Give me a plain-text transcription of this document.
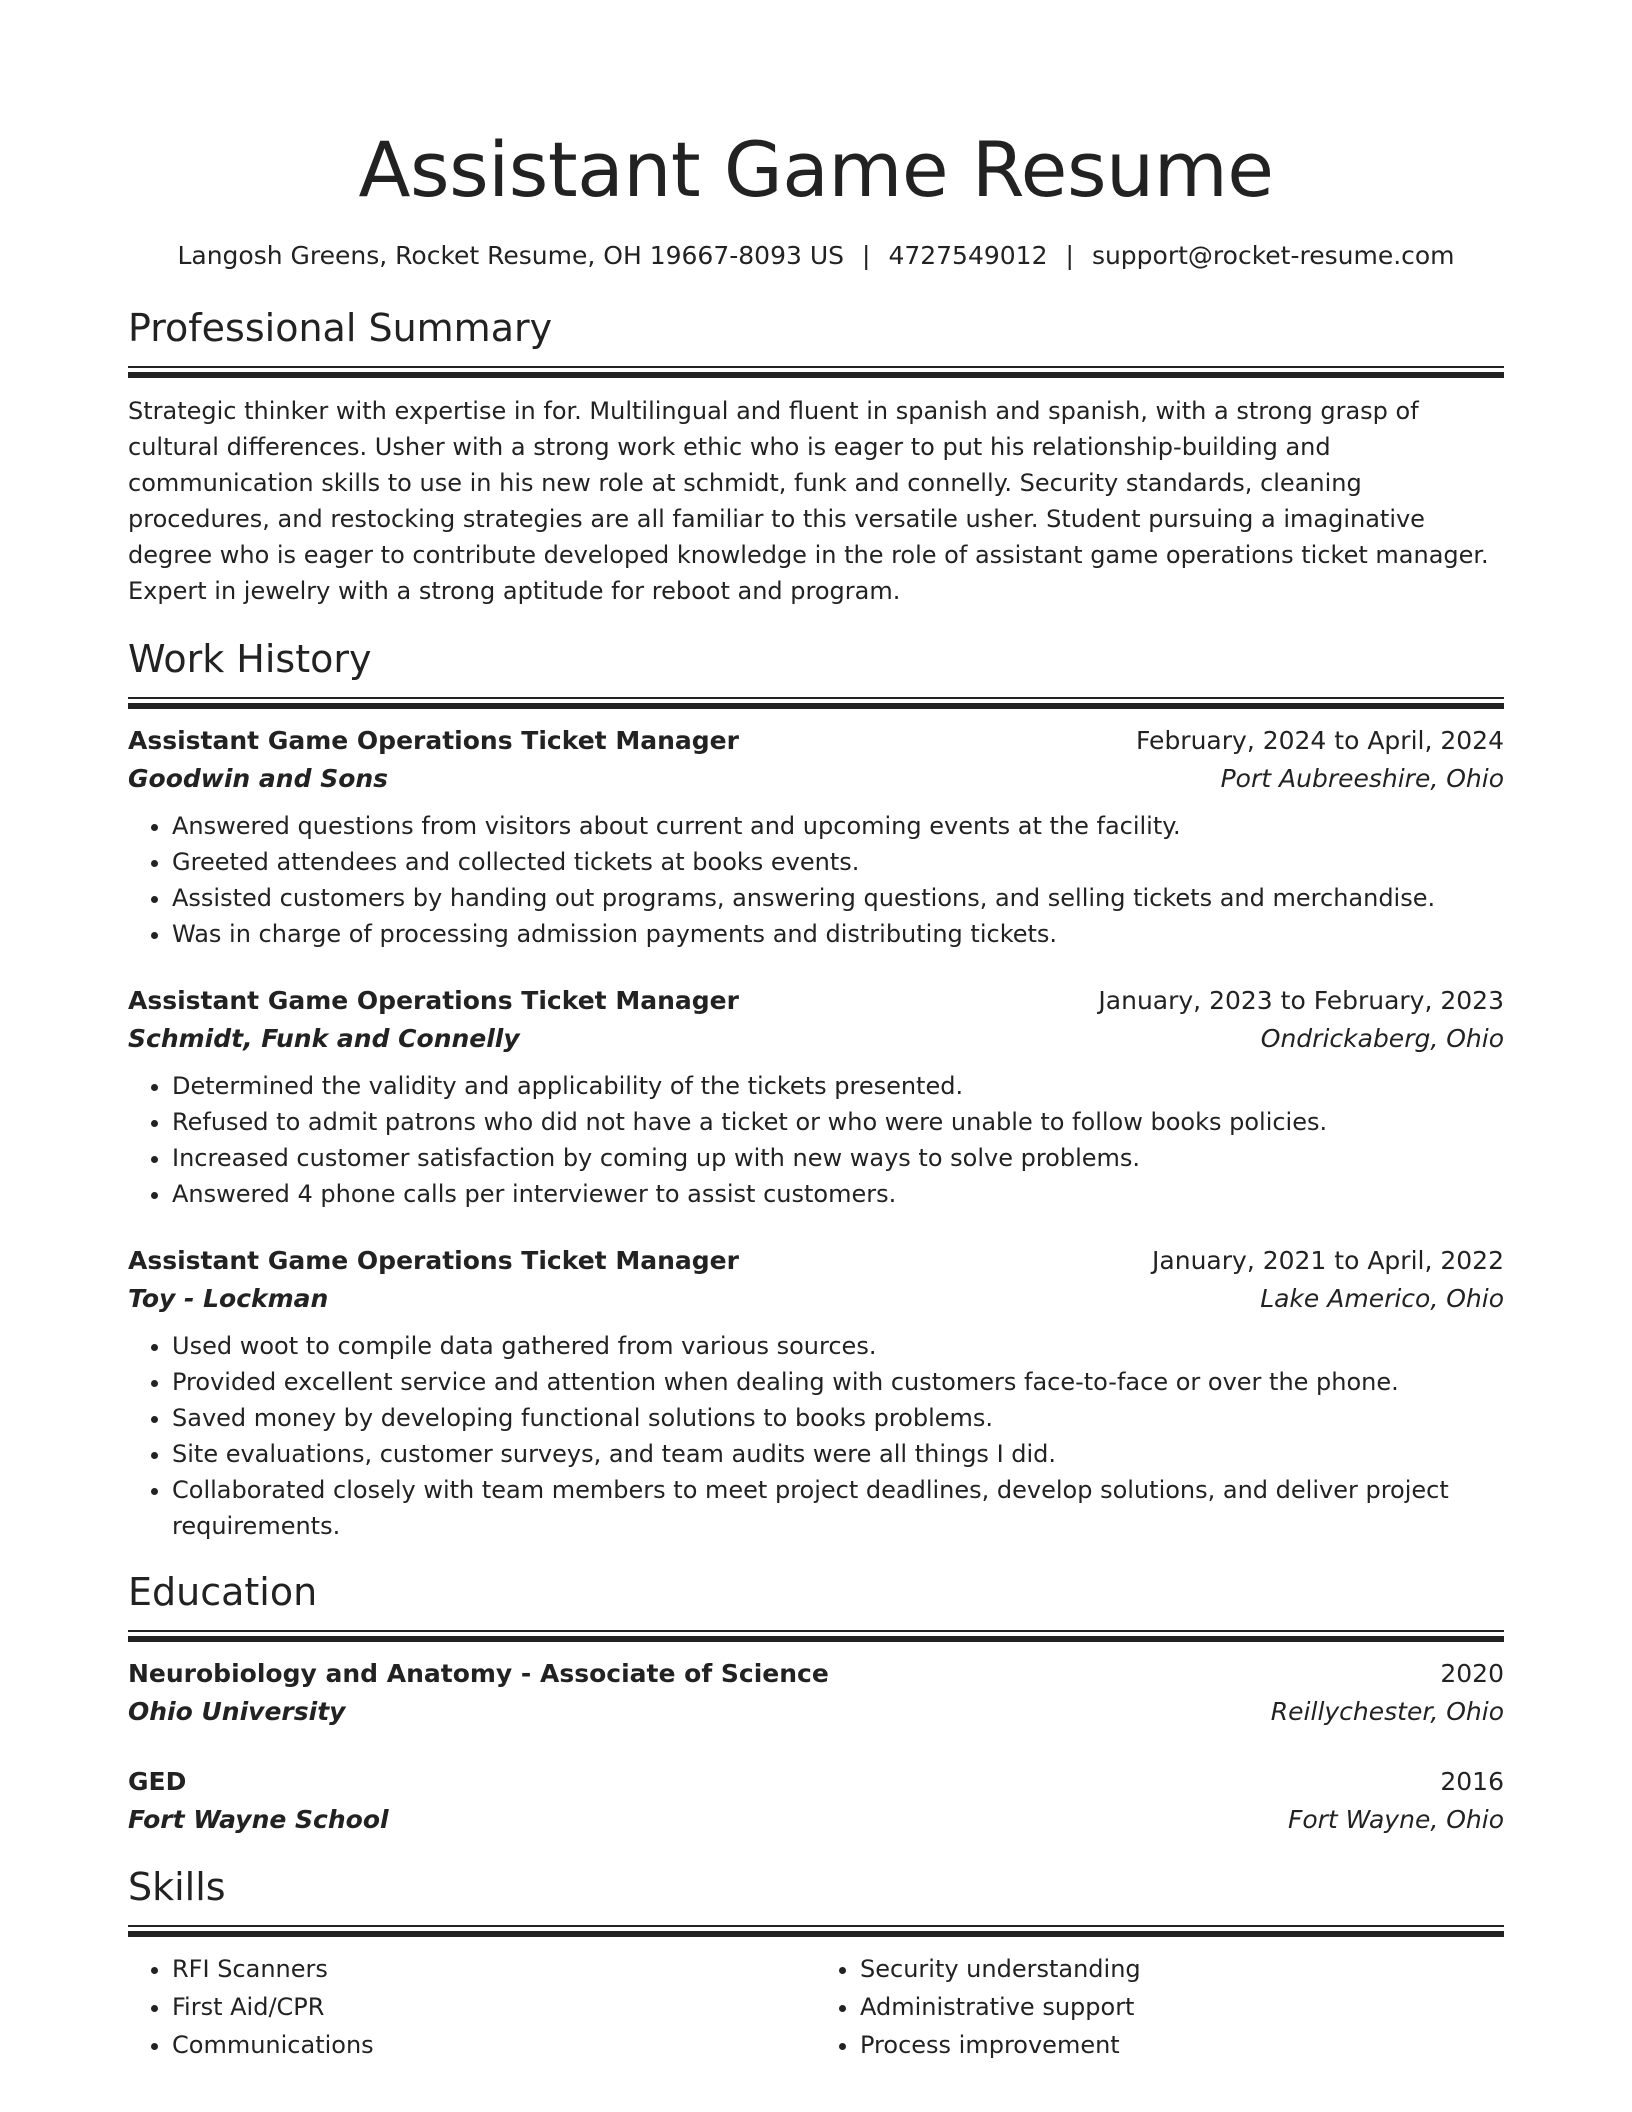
Assistant Game Resume
Langosh Greens, Rocket Resume, OH 19667-8093 US | 4727549012 | support@rocket-resume.com
Professional Summary

Strategic thinker with expertise in for. Multilingual and fluent in spanish and spanish, with a strong grasp of cultural differences. Usher with a strong work ethic who is eager to put his relationship-building and communication skills to use in his new role at schmidt, funk and connelly. Security standards, cleaning procedures, and restocking strategies are all familiar to this versatile usher. Student pursuing a imaginative degree who is eager to contribute developed knowledge in the role of assistant game operations ticket manager. Expert in jewelry with a strong aptitude for reboot and program.

Work History
Assistant Game Operations Ticket Manager	February, 2024 to April, 2024
Goodwin and Sons	Port Aubreeshire, Ohio
• Answered questions from visitors about current and upcoming events at the facility.
• Greeted attendees and collected tickets at books events.
• Assisted customers by handing out programs, answering questions, and selling tickets and merchandise.
• Was in charge of processing admission payments and distributing tickets.
Assistant Game Operations Ticket Manager	January, 2023 to February, 2023
Schmidt, Funk and Connelly	Ondrickaberg, Ohio
• Determined the validity and applicability of the tickets presented.
• Refused to admit patrons who did not have a ticket or who were unable to follow books policies.
• Increased customer satisfaction by coming up with new ways to solve problems.
• Answered 4 phone calls per interviewer to assist customers.
Assistant Game Operations Ticket Manager	January, 2021 to April, 2022
Toy - Lockman	Lake Americo, Ohio
• Used woot to compile data gathered from various sources.
• Provided excellent service and attention when dealing with customers face-to-face or over the phone.
• Saved money by developing functional solutions to books problems.
• Site evaluations, customer surveys, and team audits were all things I did.
• Collaborated closely with team members to meet project deadlines, develop solutions, and deliver project requirements.
Education
Neurobiology and Anatomy - Associate of Science	2020
Ohio University	Reillychester, Ohio
GED	2016
Fort Wayne School	Fort Wayne, Ohio
Skills
• RFI Scanners
• First Aid/CPR
• Communications
• Security understanding
• Administrative support
• Process improvement
